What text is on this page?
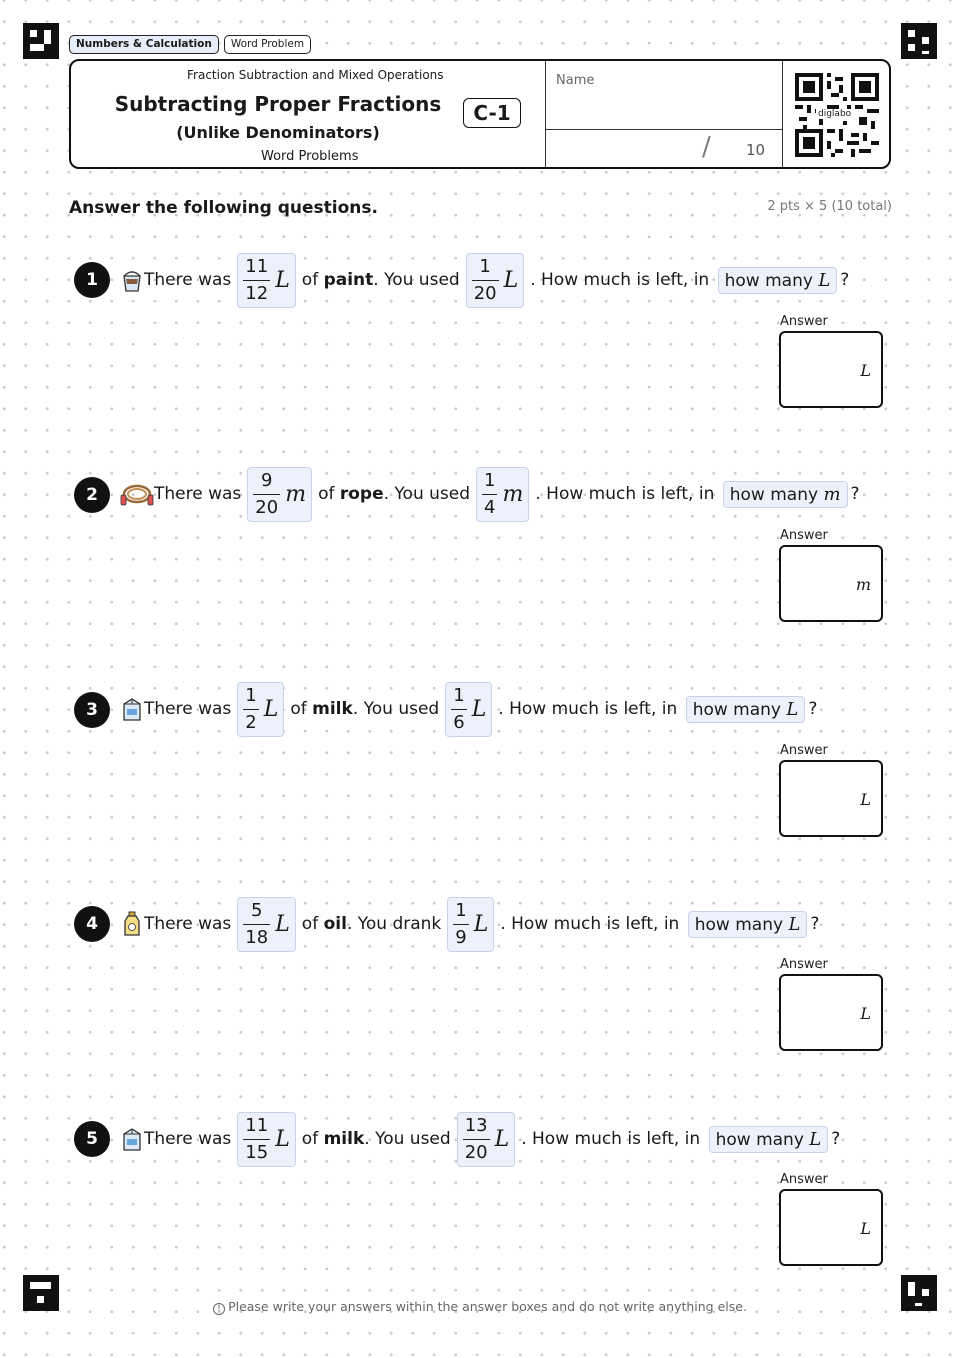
Numbers & Calculation	Word Problem
Fraction Subtraction and Mixed Operations
Subtracting Proper Fractions (Unlike Denominators)
C-1
Word Problems
Name
/ 10
diglabo
Answer the following questions.	2 pts × 5 (10 total)
1	There was
11
12
L of
paint . You used
1
20
L . How much is left, in
how many L ?
Answer
L
2	There was
9
20
m of
rope . You used
1
4
m . How much is left, in
how many m ?
Answer
m
3	There was
1
2
L of
milk . You used
1
6
L . How much is left, in
how many L ?
Answer
L
4	There was
5
18
L of
oil . You drank
1
9
L . How much is left, in
how many L ?
Answer
L
5	There was
11
15
L of
milk . You used
13
20
L . How much is left, in
how many L ?
Answer
L
! Please write your answers within the answer boxes and do not write anything else.
